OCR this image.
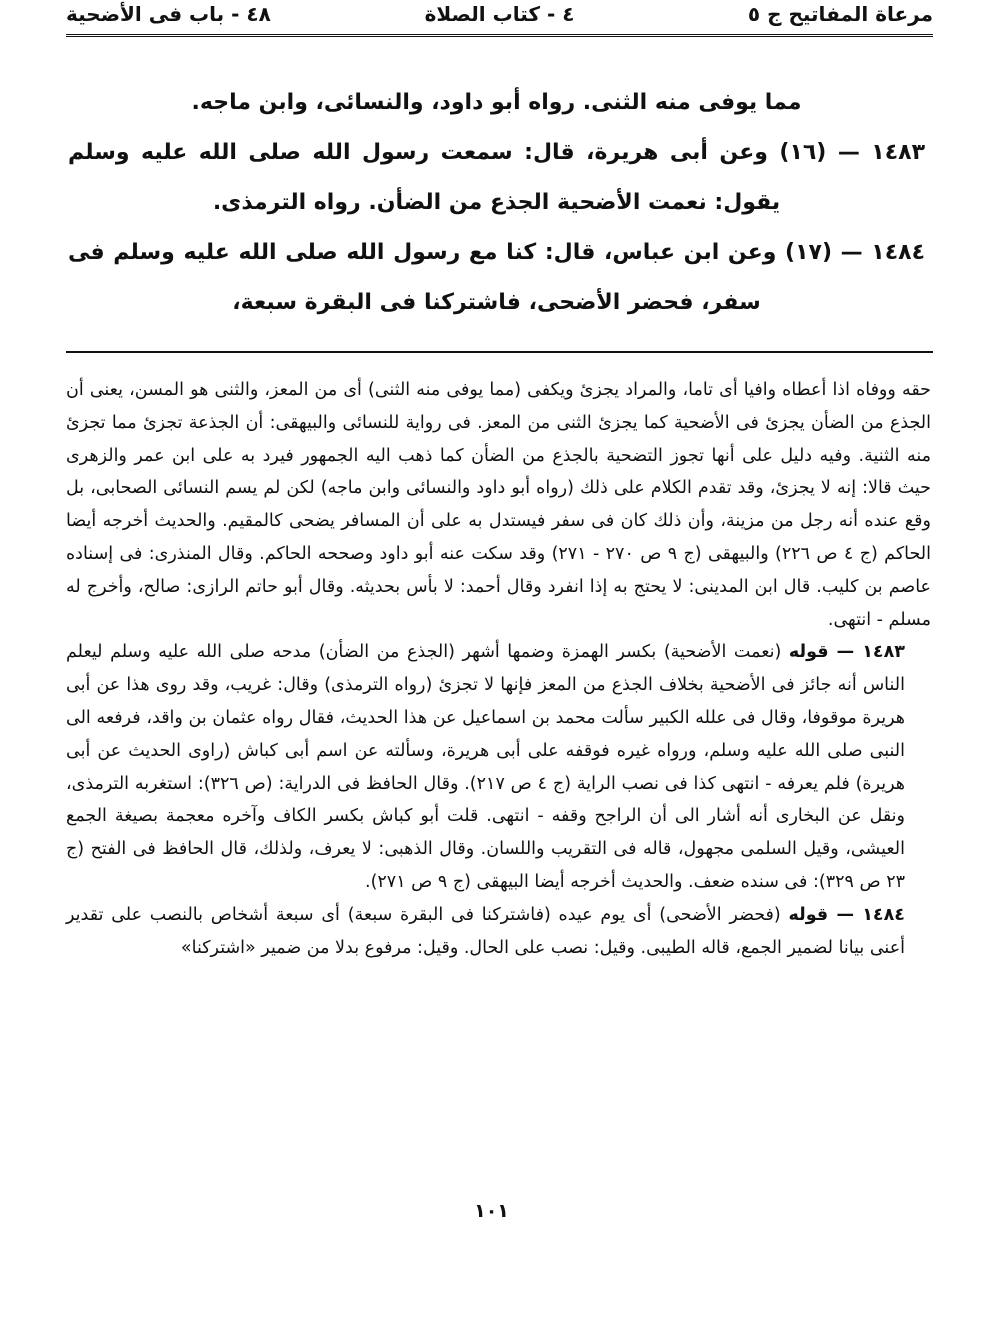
مرعاة المفاتيح ج ٥
٤ - كتاب الصلاة
٤٨ - باب فى الأضحية

مما يوفى منه الثنى. رواه أبو داود، والنسائى، وابن ماجه.

١٤٨٣ — (١٦) وعن أبى هريرة، قال: سمعت رسول الله صلى الله عليه وسلم يقول: نعمت الأضحية الجذع من الضأن. رواه الترمذى.

١٤٨٤ — (١٧) وعن ابن عباس، قال: كنا مع رسول الله صلى الله عليه وسلم فى سفر، فحضر الأضحى، فاشتركنا فى البقرة سبعة،

حقه ووفاه اذا أعطاه وافيا أى تاما، والمراد يجزئ ويكفى (مما يوفى منه الثنى) أى من المعز، والثنى هو المسن، يعنى أن الجذع من الضأن يجزئ فى الأضحية كما يجزئ الثنى من المعز. فى رواية للنسائى والبيهقى: أن الجذعة تجزئ مما تجزئ منه الثنية. وفيه دليل على أنها تجوز التضحية بالجذع من الضأن كما ذهب اليه الجمهور فيرد به على ابن عمر والزهرى حيث قالا: إنه لا يجزئ، وقد تقدم الكلام على ذلك (رواه أبو داود والنسائى وابن ماجه) لكن لم يسم النسائى الصحابى، بل وقع عنده أنه رجل من مزينة، وأن ذلك كان فى سفر فيستدل به على أن المسافر يضحى كالمقيم. والحديث أخرجه أيضا الحاكم (ج ٤ ص ٢٢٦) والبيهقى (ج ٩ ص ٢٧٠ - ٢٧١) وقد سكت عنه أبو داود وصححه الحاكم. وقال المنذرى: فى إسناده عاصم بن كليب. قال ابن المدينى: لا يحتج به إذا انفرد وقال أحمد: لا بأس بحديثه. وقال أبو حاتم الرازى: صالح، وأخرج له مسلم - انتهى.

١٤٨٣ — قوله (نعمت الأضحية) بكسر الهمزة وضمها أشهر (الجذع من الضأن) مدحه صلى الله عليه وسلم ليعلم الناس أنه جائز فى الأضحية بخلاف الجذع من المعز فإنها لا تجزئ (رواه الترمذى) وقال: غريب، وقد روى هذا عن أبى هريرة موقوفا، وقال فى علله الكبير سألت محمد بن اسماعيل عن هذا الحديث، فقال رواه عثمان بن واقد، فرفعه الى النبى صلى الله عليه وسلم، ورواه غيره فوقفه على أبى هريرة، وسألته عن اسم أبى كباش (راوى الحديث عن أبى هريرة) فلم يعرفه - انتهى كذا فى نصب الراية (ج ٤ ص ٢١٧). وقال الحافظ فى الدراية: (ص ٣٢٦): استغربه الترمذى، ونقل عن البخارى أنه أشار الى أن الراجح وقفه - انتهى. قلت أبو كباش بكسر الكاف وآخره معجمة بصيغة الجمع العيشى، وقيل السلمى مجهول، قاله فى التقريب واللسان. وقال الذهبى: لا يعرف، ولذلك، قال الحافظ فى الفتح (ج ٢٣ ص ٣٢٩): فى سنده ضعف. والحديث أخرجه أيضا البيهقى (ج ٩ ص ٢٧١).

١٤٨٤ — قوله (فحضر الأضحى) أى يوم عيده (فاشتركنا فى البقرة سبعة) أى سبعة أشخاص بالنصب على تقدير أعنى بيانا لضمير الجمع، قاله الطيبى. وقيل: نصب على الحال. وقيل: مرفوع بدلا من ضمير «اشتركنا»

١٠١
